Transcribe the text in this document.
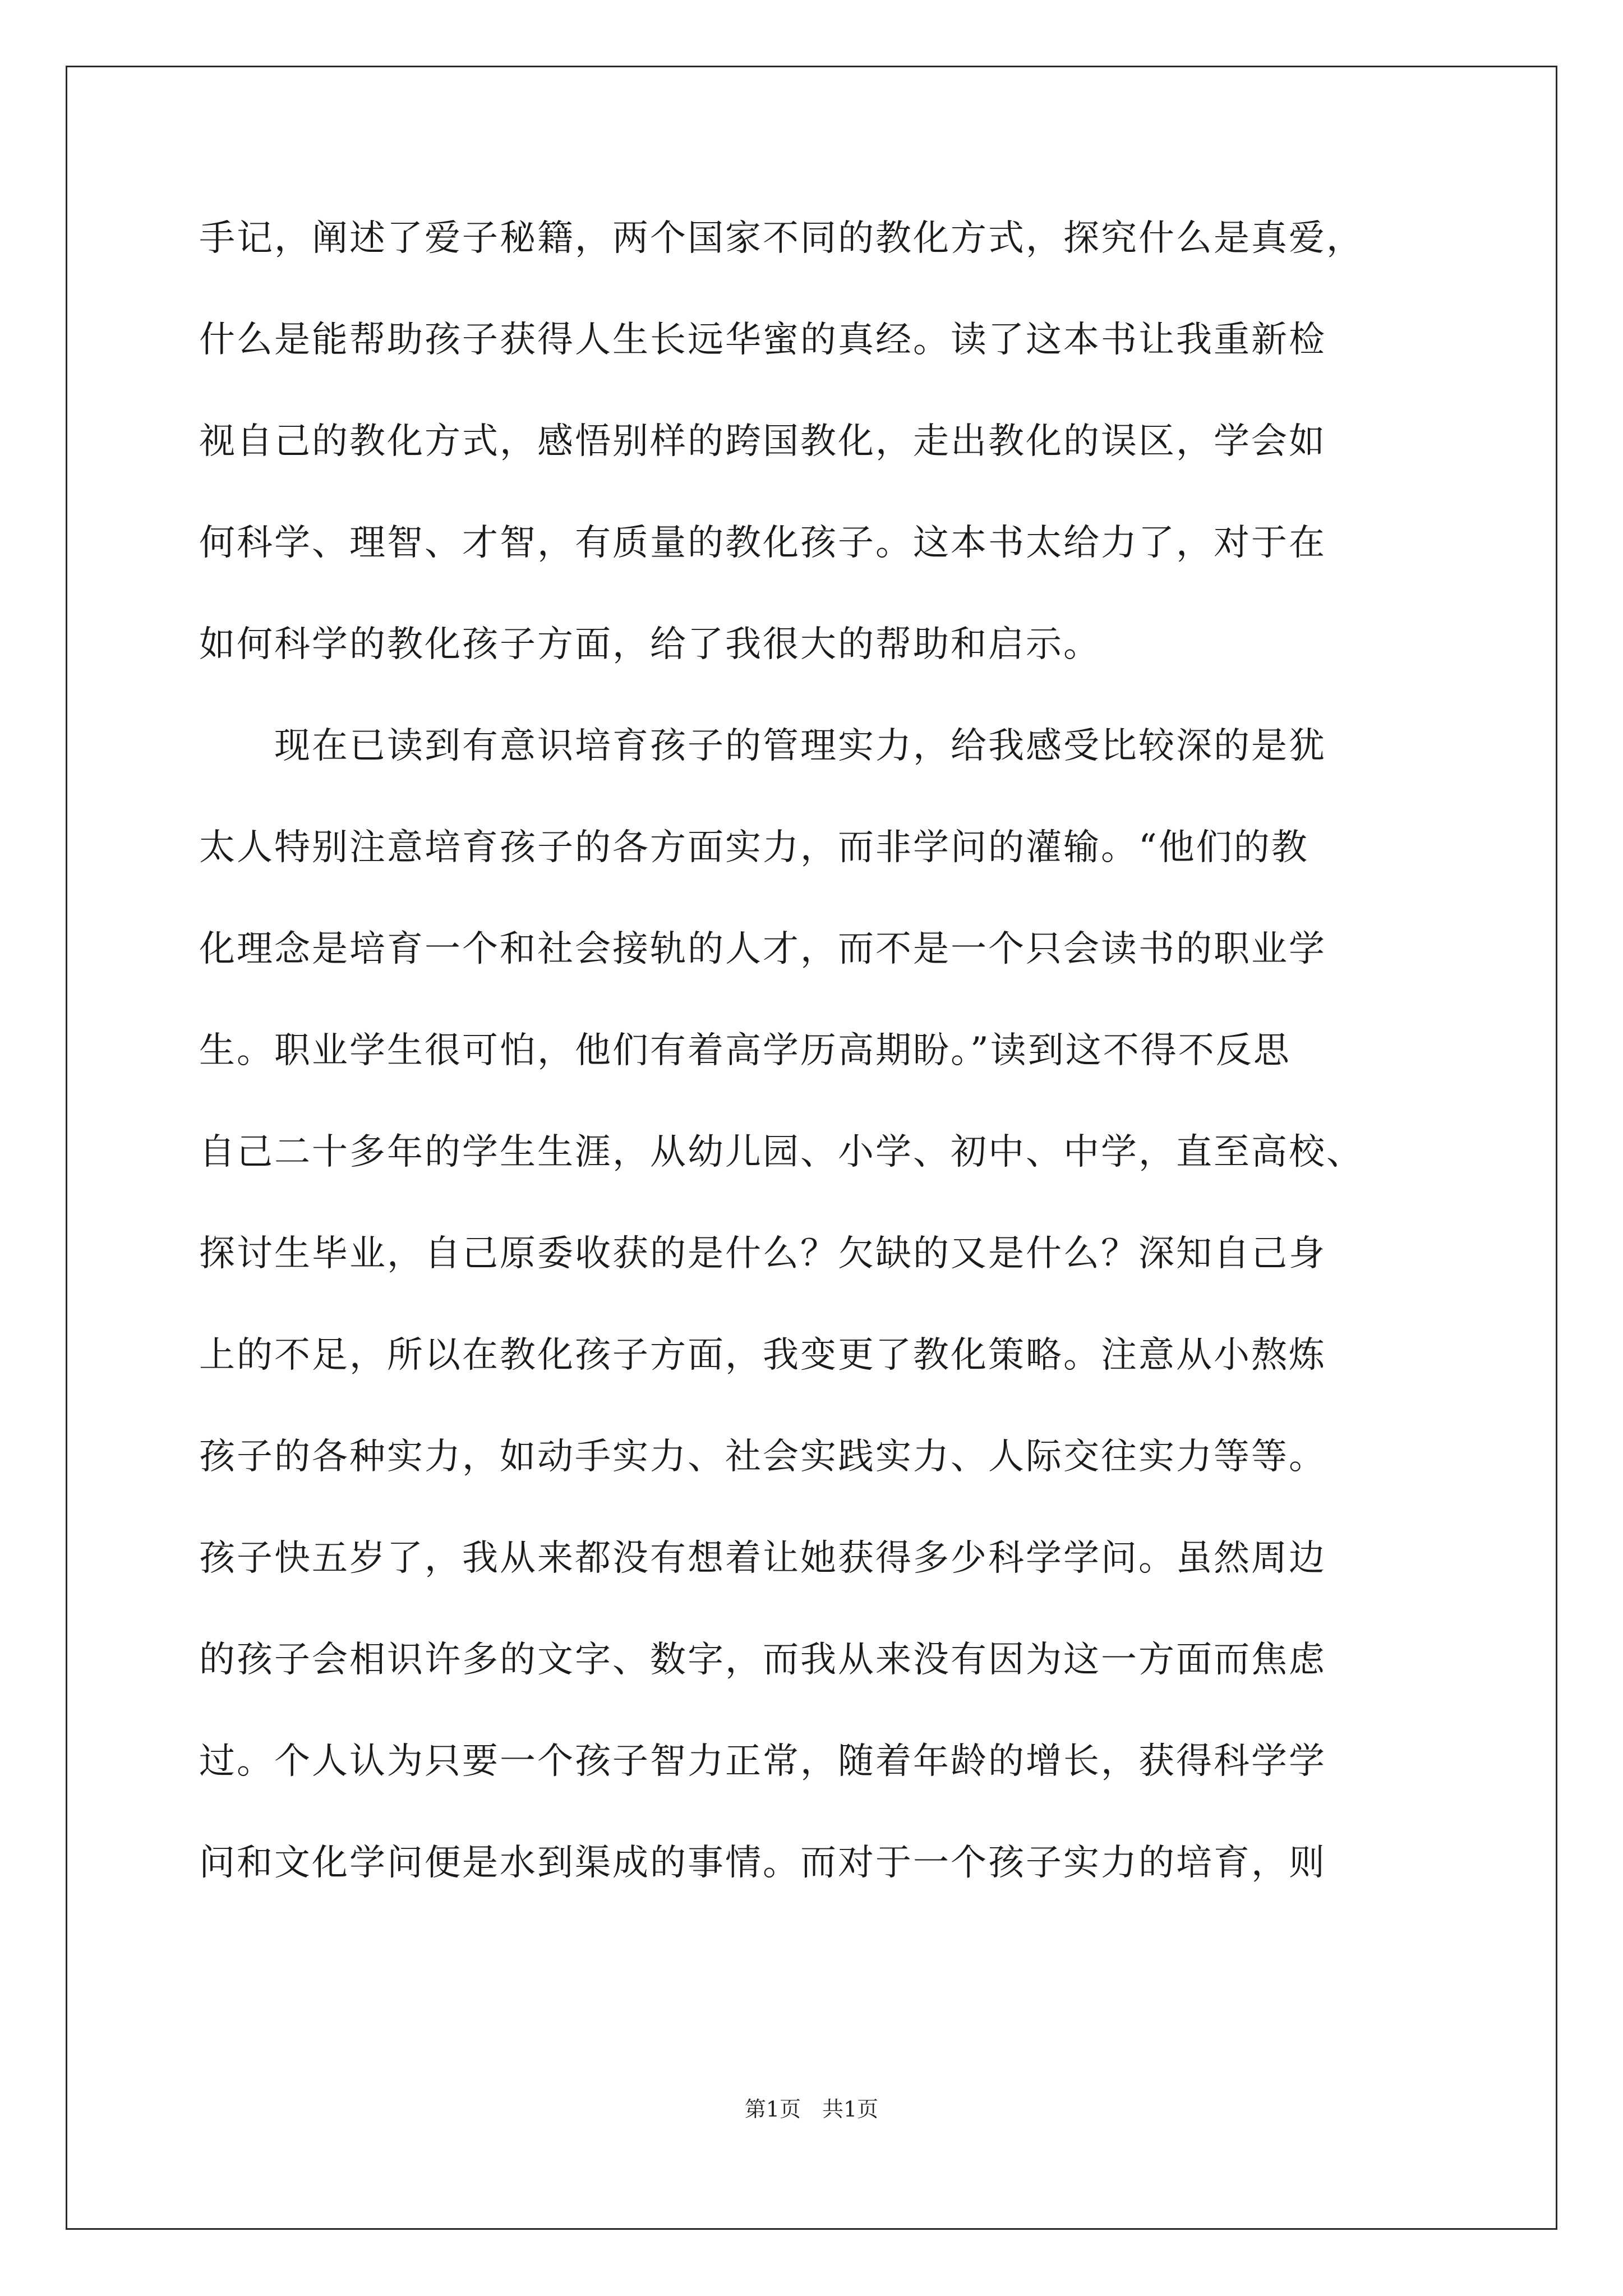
手记，阐述了爱子秘籍，两个国家不同的教化方式，探究什么是真爱，
什么是能帮助孩子获得人生长远华蜜的真经。读了这本书让我重新检
视自己的教化方式，感悟别样的跨国教化，走出教化的误区，学会如
何科学、理智、才智，有质量的教化孩子。这本书太给力了，对于在
如何科学的教化孩子方面，给了我很大的帮助和启示。
　　现在已读到有意识培育孩子的管理实力，给我感受比较深的是犹
太人特别注意培育孩子的各方面实力，而非学问的灌输。“他们的教
化理念是培育一个和社会接轨的人才，而不是一个只会读书的职业学
生。职业学生很可怕，他们有着高学历高期盼。”读到这不得不反思
自己二十多年的学生生涯，从幼儿园、小学、初中、中学，直至高校、
探讨生毕业，自己原委收获的是什么？欠缺的又是什么？深知自己身
上的不足，所以在教化孩子方面，我变更了教化策略。注意从小熬炼
孩子的各种实力，如动手实力、社会实践实力、人际交往实力等等。
孩子快五岁了，我从来都没有想着让她获得多少科学学问。虽然周边
的孩子会相识许多的文字、数字，而我从来没有因为这一方面而焦虑
过。个人认为只要一个孩子智力正常，随着年龄的增长，获得科学学
问和文化学问便是水到渠成的事情。而对于一个孩子实力的培育，则
第1页　共1页
